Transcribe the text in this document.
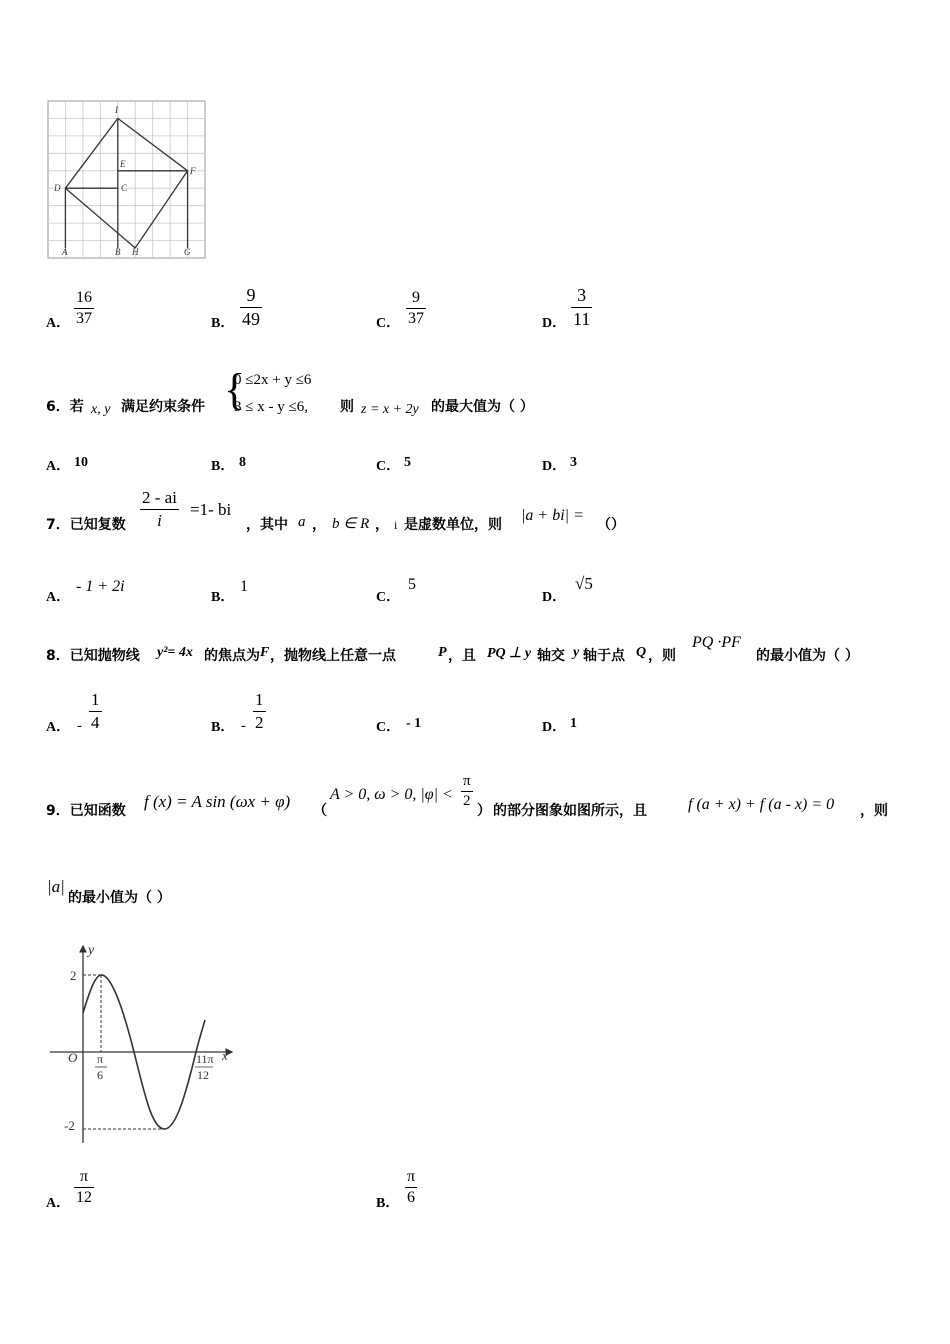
I
E
D	C
F
A	B H	G
A．
16
37	B．
9
49	C．
9
37	D．
3
11
6．若 x, y 满足约束条件 {
0 ≤2x + y ≤6
3 ≤ x - y ≤6, 则 z = x + 2y 的最大值为（ ）
A． 10	B． 8	C． 5	D． 3
7．已知复数
2 - ai
i
=1- bi
，其中 a ， b ∈ R ， i 是虚数单位，则
|a + bi| =
（）
A．
- 1 + 2i
B．
1
C．
5
D．
√5
8．已知抛物线 y²= 4x 的焦点为 F ，抛物线上任意一点	P ，且 PQ ⊥ y 轴交 y 轴于点 Q ，则
PQ ·PF
的最小值为（ ）
A． -
1
4	B． -
1
2	C． - 1	D． 1
9．已知函数 f (x) = A sin (ωx + φ) （
A > 0, ω > 0, |φ| <
π
2
） 的部分图象如图所示，且	f (a + x) + f (a - x) = 0 ，则
|a|
的最小值为（ ）
y
x
O
2
-2
π
6
11π
12
A．
π
12	B．
π
6
